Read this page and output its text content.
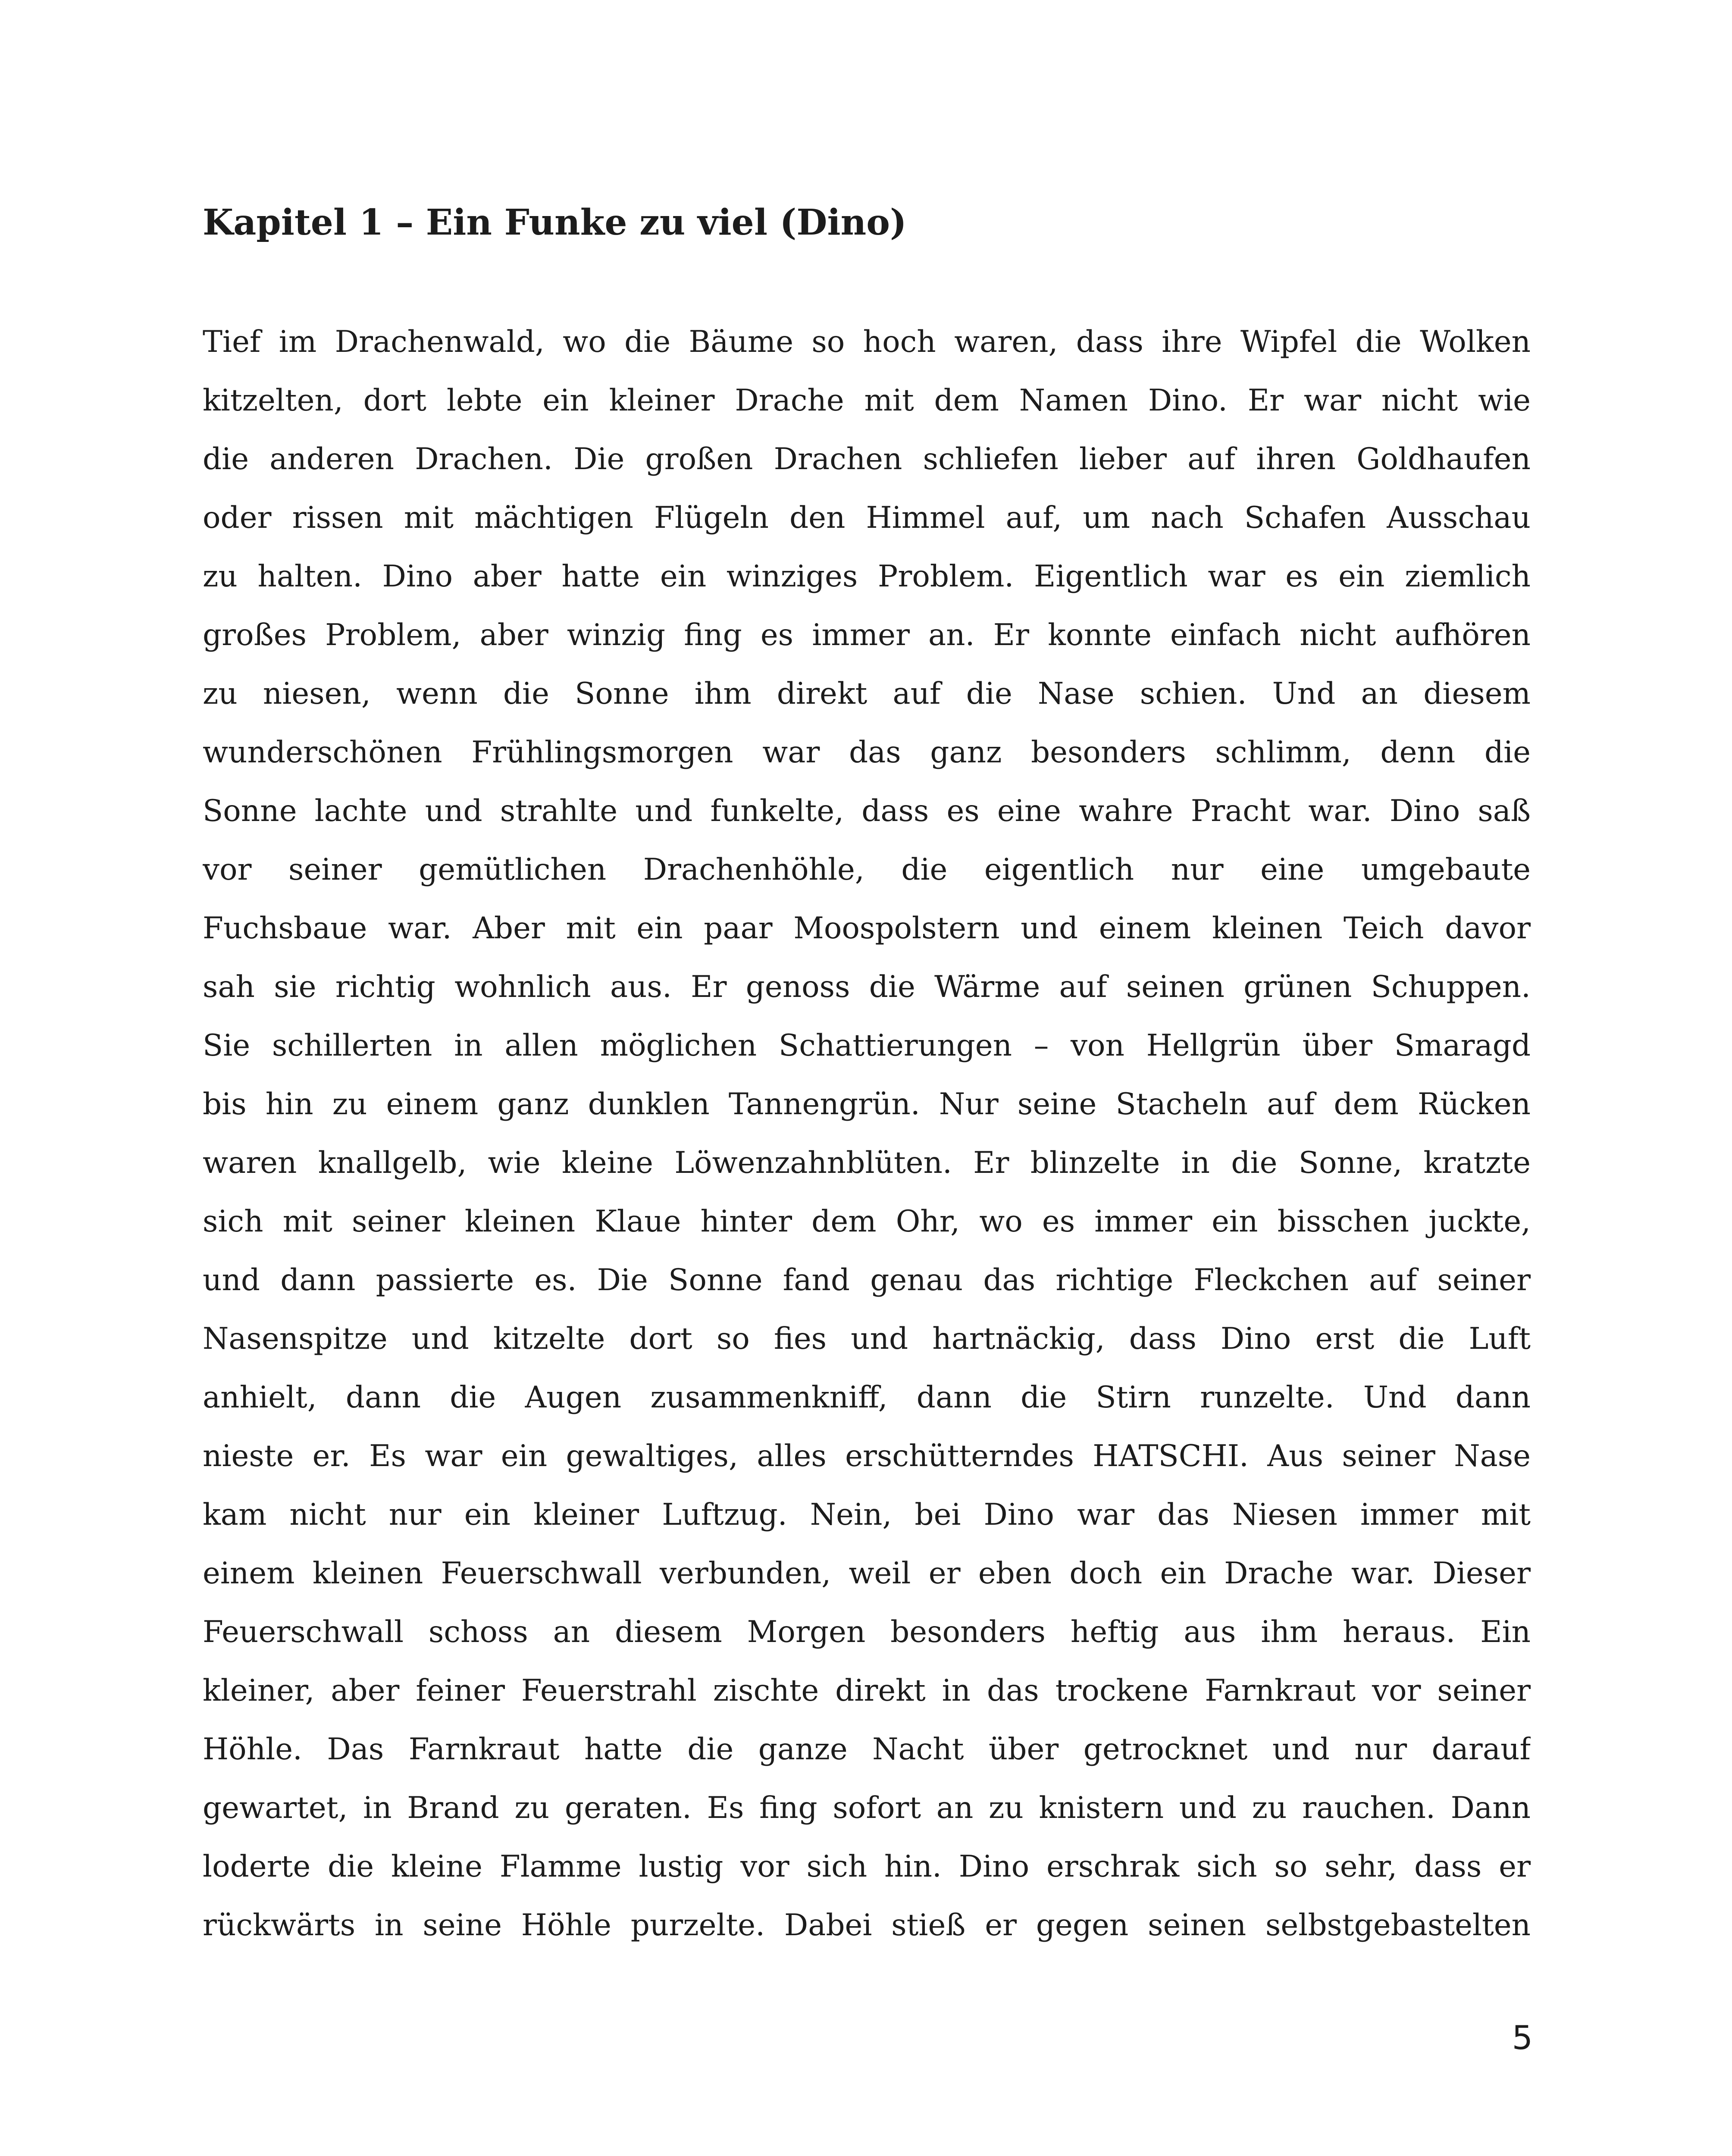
Kapitel 1 – Ein Funke zu viel (Dino)
Tief im Drachenwald, wo die Bäume so hoch waren, dass ihre Wipfel die Wolken
kitzelten, dort lebte ein kleiner Drache mit dem Namen Dino. Er war nicht wie
die anderen Drachen. Die großen Drachen schliefen lieber auf ihren Goldhaufen
oder rissen mit mächtigen Flügeln den Himmel auf, um nach Schafen Ausschau
zu halten. Dino aber hatte ein winziges Problem. Eigentlich war es ein ziemlich
großes Problem, aber winzig fing es immer an. Er konnte einfach nicht aufhören
zu niesen, wenn die Sonne ihm direkt auf die Nase schien. Und an diesem
wunderschönen Frühlingsmorgen war das ganz besonders schlimm, denn die
Sonne lachte und strahlte und funkelte, dass es eine wahre Pracht war. Dino saß
vor seiner gemütlichen Drachenhöhle, die eigentlich nur eine umgebaute
Fuchsbaue war. Aber mit ein paar Moospolstern und einem kleinen Teich davor
sah sie richtig wohnlich aus. Er genoss die Wärme auf seinen grünen Schuppen.
Sie schillerten in allen möglichen Schattierungen – von Hellgrün über Smaragd
bis hin zu einem ganz dunklen Tannengrün. Nur seine Stacheln auf dem Rücken
waren knallgelb, wie kleine Löwenzahnblüten. Er blinzelte in die Sonne, kratzte
sich mit seiner kleinen Klaue hinter dem Ohr, wo es immer ein bisschen juckte,
und dann passierte es. Die Sonne fand genau das richtige Fleckchen auf seiner
Nasenspitze und kitzelte dort so fies und hartnäckig, dass Dino erst die Luft
anhielt, dann die Augen zusammenkniff, dann die Stirn runzelte. Und dann
nieste er. Es war ein gewaltiges, alles erschütterndes HATSCHI. Aus seiner Nase
kam nicht nur ein kleiner Luftzug. Nein, bei Dino war das Niesen immer mit
einem kleinen Feuerschwall verbunden, weil er eben doch ein Drache war. Dieser
Feuerschwall schoss an diesem Morgen besonders heftig aus ihm heraus. Ein
kleiner, aber feiner Feuerstrahl zischte direkt in das trockene Farnkraut vor seiner
Höhle. Das Farnkraut hatte die ganze Nacht über getrocknet und nur darauf
gewartet, in Brand zu geraten. Es fing sofort an zu knistern und zu rauchen. Dann
loderte die kleine Flamme lustig vor sich hin. Dino erschrak sich so sehr, dass er
rückwärts in seine Höhle purzelte. Dabei stieß er gegen seinen selbstgebastelten
5
